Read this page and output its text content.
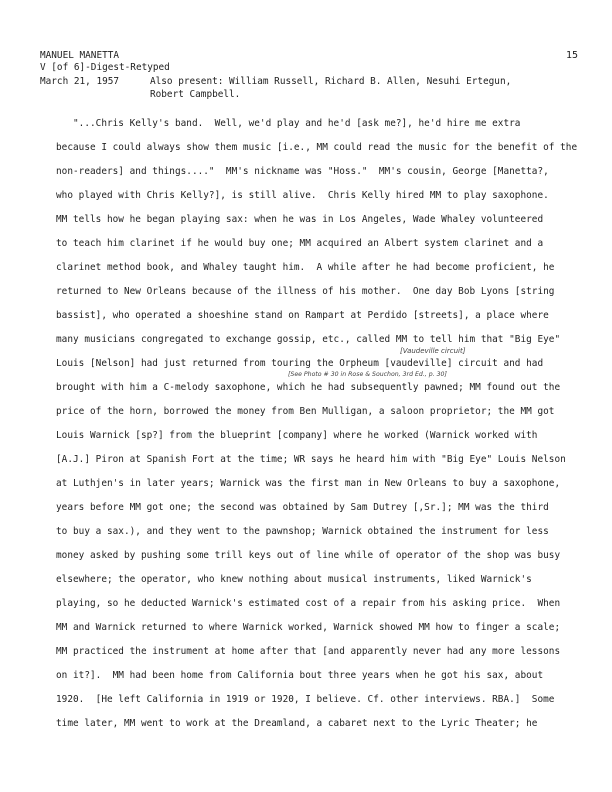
MANUEL MANETTA
V [of 6]-Digest-Retyped
March 21, 1957	Also present: William Russell, Richard B. Allen, Nesuhi Ertegun,
Robert Campbell.
15
"...Chris Kelly's band.  Well, we'd play and he'd [ask me?], he'd hire me extra
because I could always show them music [i.e., MM could read the music for the benefit of the
non-readers] and things...."  MM's nickname was "Hoss."  MM's cousin, George [Manetta?,
who played with Chris Kelly?], is still alive.  Chris Kelly hired MM to play saxophone.
MM tells how he began playing sax: when he was in Los Angeles, Wade Whaley volunteered
to teach him clarinet if he would buy one; MM acquired an Albert system clarinet and a
clarinet method book, and Whaley taught him.  A while after he had become proficient, he
returned to New Orleans because of the illness of his mother.  One day Bob Lyons [string
bassist], who operated a shoeshine stand on Rampart at Perdido [streets], a place where
many musicians congregated to exchange gossip, etc., called MM to tell him that "Big Eye"
Louis [Nelson] had just returned from touring the Orpheum [vaudeville] circuit and had
brought with him a C-melody saxophone, which he had subsequently pawned; MM found out the
price of the horn, borrowed the money from Ben Mulligan, a saloon proprietor; the MM got
Louis Warnick [sp?] from the blueprint [company] where he worked (Warnick worked with
[A.J.] Piron at Spanish Fort at the time; WR says he heard him with "Big Eye" Louis Nelson
at Luthjen's in later years; Warnick was the first man in New Orleans to buy a saxophone,
years before MM got one; the second was obtained by Sam Dutrey [,Sr.]; MM was the third
to buy a sax.), and they went to the pawnshop; Warnick obtained the instrument for less
money asked by pushing some trill keys out of line while of operator of the shop was busy
elsewhere; the operator, who knew nothing about musical instruments, liked Warnick's
playing, so he deducted Warnick's estimated cost of a repair from his asking price.  When
MM and Warnick returned to where Warnick worked, Warnick showed MM how to finger a scale;
MM practiced the instrument at home after that [and apparently never had any more lessons
on it?].  MM had been home from California bout three years when he got his sax, about
1920.  [He left California in 1919 or 1920, I believe. Cf. other interviews. RBA.]  Some
time later, MM went to work at the Dreamland, a cabaret next to the Lyric Theater; he
[Vaudeville circuit]
[See Photo # 30 in Rose & Souchon, 3rd Ed., p. 30]
